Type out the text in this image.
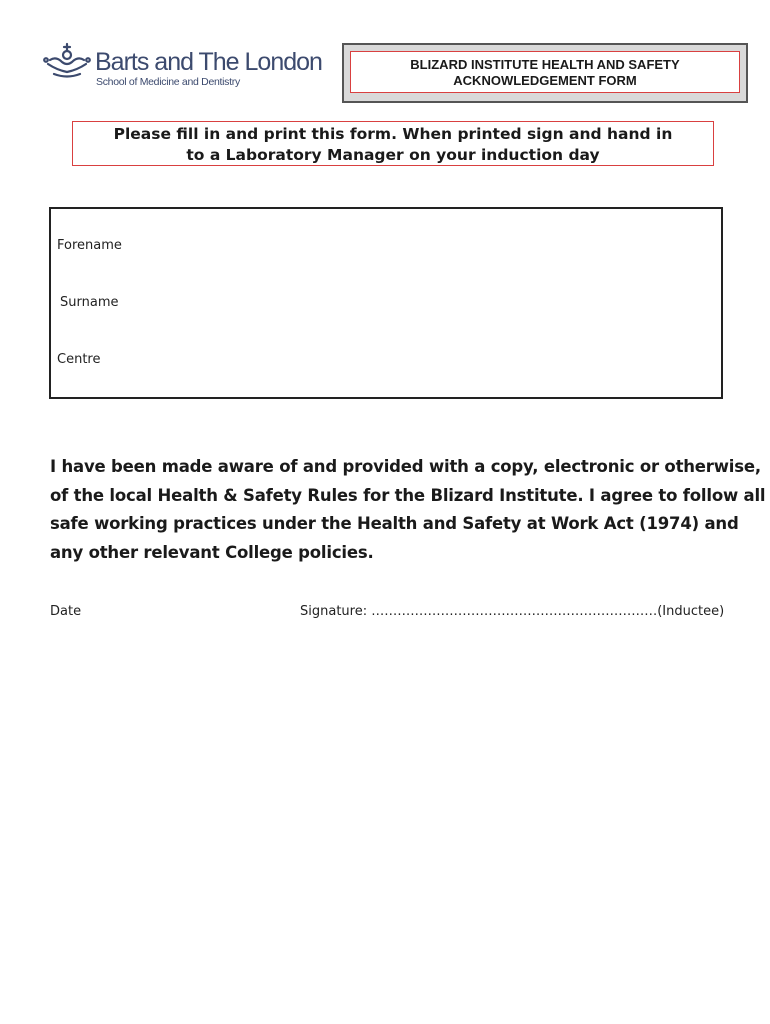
Barts and The London
School of Medicine and Dentistry
BLIZARD INSTITUTE HEALTH AND SAFETY
ACKNOWLEDGEMENT FORM
Please fill in and print this form. When printed sign and hand in
to a Laboratory Manager on your induction day
Forename
Surname
Centre
I have been made aware of and provided with a copy, electronic or otherwise,
of the local Health & Safety Rules for the Blizard Institute. I agree to follow all
safe working practices under the Health and Safety at Work Act (1974) and
any other relevant College policies.
Date	Signature: …………………………………………………………(Inductee)
